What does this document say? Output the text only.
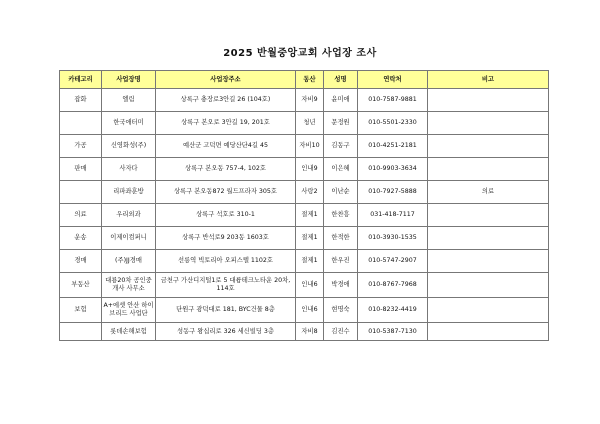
2025 반월중앙교회 사업장 조사
카테고리	사업장명	사업장주소	동산	성명	연락처	비고
잡화	엘림	상록구 충장로3안길 26 (104호)	자비9	윤미애	010-7587-9881	
	한국애터미	상록구 본오로 3안길 19, 201호	청년	문정원	010-5501-2330	
가공	신영화성(주)	예산군 고덕면 예당산단4길 45	자비10	김동구	010-4251-2181	
판매	사자다	상록구 본오동 757-4, 102호	인내9	이은혜	010-9903-3634	
	리파좌훈방	상록구 본오동872 월드프라자 305호	사랑2	이난순	010-7927-5888	의료
의료	우리외과	상록구 석호로 310-1	절제1	한찬흥	031-418-7117	
운송	이제이컴퍼니	상록구 반석로9 203동 1603호	절제1	한적한	010-3930-1535	
경매	(주)JJ경매	선릉역 빅토리아 오피스텔 1102호	절제1	한우진	010-5747-2907	
부동산	대룡20차 공인중개사 사무소	금천구 가산디지털1로 5 대륭테크노타운 20차, 114호	인내6	박경애	010-8767-7968	
보험	A+에셋 안산 하이브리드 사업단	단원구 광덕대로 181, BYC건물 8층	인내6	현명숙	010-8232-4419	
	롯데손해보험	성동구 왕십리로 326 세신빌딩 3층	자비8	김진수	010-5387-7130	
